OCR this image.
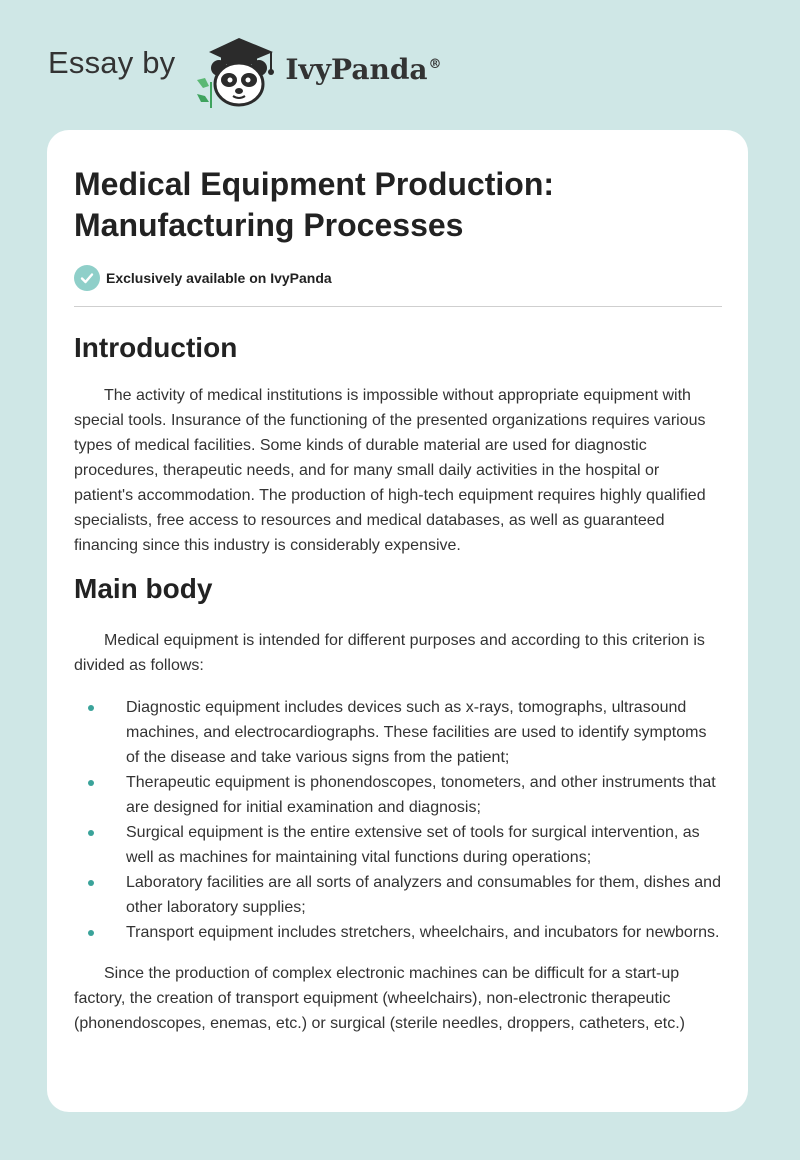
Essay by	IvyPanda®
Medical Equipment Production: Manufacturing Processes
Exclusively available on IvyPanda
Introduction

The activity of medical institutions is impossible without appropriate equipment with special tools. Insurance of the functioning of the presented organizations requires various types of medical facilities. Some kinds of durable material are used for diagnostic procedures, therapeutic needs, and for many small daily activities in the hospital or patient's accommodation. The production of high-tech equipment requires highly qualified specialists, free access to resources and medical databases, as well as guaranteed financing since this industry is considerably expensive.

Main body

Medical equipment is intended for different purposes and according to this criterion is divided as follows:

Diagnostic equipment includes devices such as x-rays, tomographs, ultrasound machines, and electrocardiographs. These facilities are used to identify symptoms of the disease and take various signs from the patient;
Therapeutic equipment is phonendoscopes, tonometers, and other instruments that are designed for initial examination and diagnosis;
Surgical equipment is the entire extensive set of tools for surgical intervention, as well as machines for maintaining vital functions during operations;
Laboratory facilities are all sorts of analyzers and consumables for them, dishes and other laboratory supplies;
Transport equipment includes stretchers, wheelchairs, and incubators for newborns.

Since the production of complex electronic machines can be difficult for a start-up factory, the creation of transport equipment (wheelchairs), non-electronic therapeutic (phonendoscopes, enemas, etc.) or surgical (sterile needles, droppers, catheters, etc.)
